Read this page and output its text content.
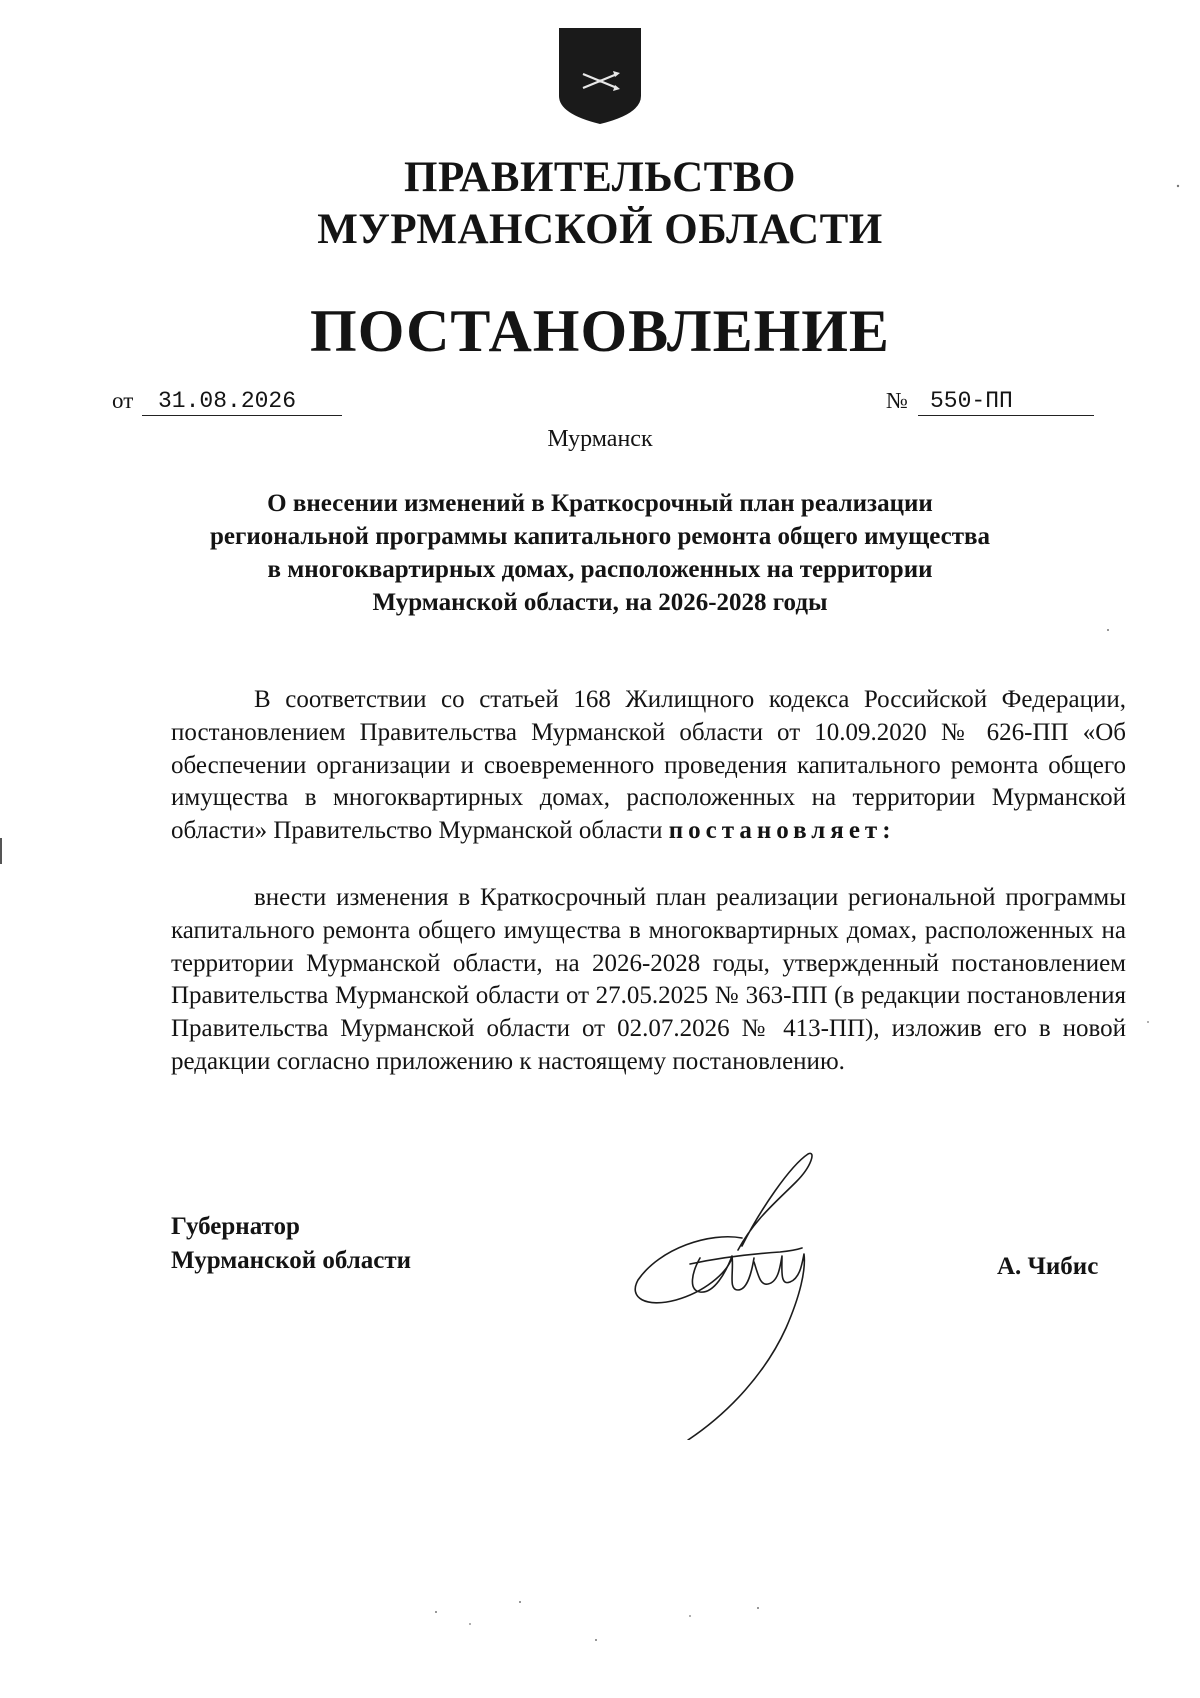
ПРАВИТЕЛЬСТВО
МУРМАНСКОЙ ОБЛАСТИ
ПОСТАНОВЛЕНИЕ
от	31.08.2026	№ 550-ПП
Мурманск
О внесении изменений в Краткосрочный план реализации
региональной программы капитального ремонта общего имущества
в многоквартирных домах, расположенных на территории
Мурманской области, на 2026-2028 годы
В соответствии со статьей 168 Жилищного кодекса Российской Федерации, постановлением Правительства Мурманской области от 10.09.2020 № 626-ПП «Об обеспечении организации и своевременного проведения капитального ремонта общего имущества в многоквартирных домах, расположенных на территории Мурманской области» Правительство Мурманской области постановляет:
внести изменения в Краткосрочный план реализации региональной программы капитального ремонта общего имущества в многоквартирных домах, расположенных на территории Мурманской области, на 2026-2028 годы, утвержденный постановлением Правительства Мурманской области от 27.05.2025 № 363-ПП (в редакции постановления Правительства Мурманской области от 02.07.2026 № 413-ПП), изложив его в новой редакции согласно приложению к настоящему постановлению.
Губернатор
Мурманской области	А. Чибис
